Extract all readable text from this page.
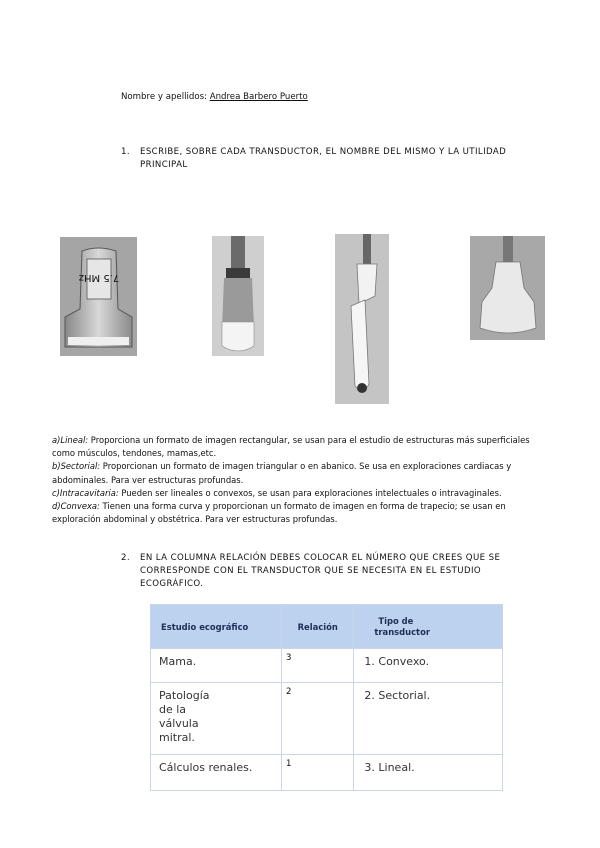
Nombre y apellidos: Andrea Barbero Puerto
1. ESCRIBE, SOBRE CADA TRANSDUCTOR, EL NOMBRE DEL MISMO Y LA UTILIDAD
PRINCIPAL
7.5 MHz

a)Lineal: Proporciona un formato de imagen rectangular, se usan para el estudio de estructuras más superficiales como músculos, tendones, mamas,etc.

b)Sectorial: Proporcionan un formato de imagen triangular o en abanico. Se usa en exploraciones cardiacas y abdominales. Para ver estructuras profundas.

c)Intracavitaria: Pueden ser lineales o convexos, se usan para exploraciones intelectuales o intravaginales.

d)Convexa: Tienen una forma curva y proporcionan un formato de imagen en forma de trapecio; se usan en exploración abdominal y obstétrica. Para ver estructuras profundas.

2. EN LA COLUMNA RELACIÓN DEBES COLOCAR EL NÚMERO QUE CREES QUE SE
CORRESPONDE CON EL TRANSDUCTOR QUE SE NECESITA EN EL ESTUDIO
ECOGRÁFICO.
Estudio ecográfico	Relación	Tipo de
transductor

Mama.	3	1. Convexo.

Patología de la válvula mitral.	2	2. Sectorial.
Cálculos renales.	1	3. Lineal.
